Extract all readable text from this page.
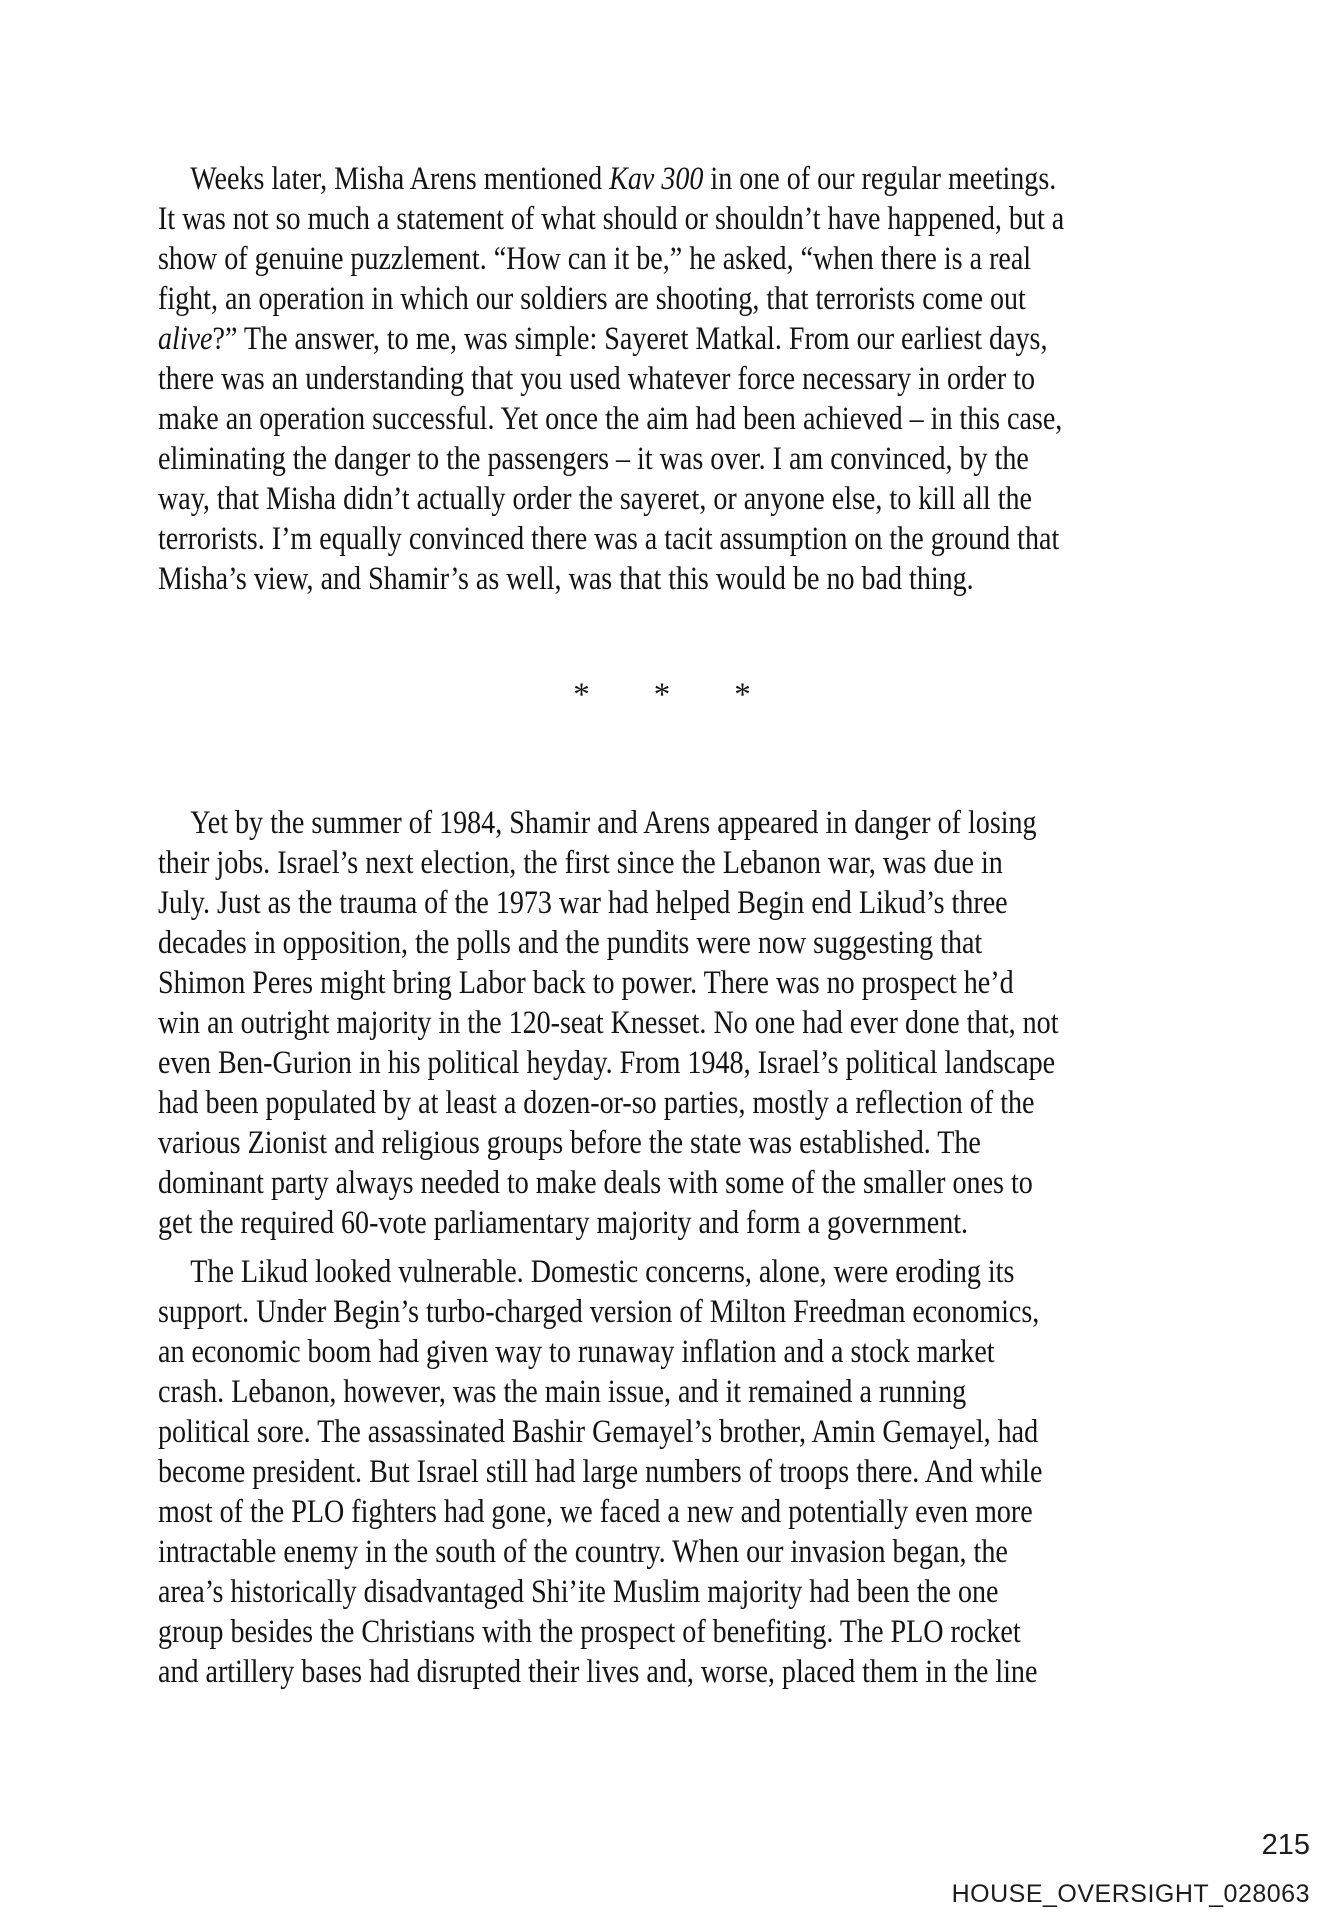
Weeks later, Misha Arens mentioned Kav 300 in one of our regular meetings.
It was not so much a statement of what should or shouldn’t have happened, but a
show of genuine puzzlement. “How can it be,” he asked, “when there is a real
fight, an operation in which our soldiers are shooting, that terrorists come out
alive?” The answer, to me, was simple: Sayeret Matkal. From our earliest days,
there was an understanding that you used whatever force necessary in order to
make an operation successful. Yet once the aim had been achieved – in this case,
eliminating the danger to the passengers – it was over. I am convinced, by the
way, that Misha didn’t actually order the sayeret, or anyone else, to kill all the
terrorists. I’m equally convinced there was a tacit assumption on the ground that
Misha’s view, and Shamir’s as well, was that this would be no bad thing.
* * *
Yet by the summer of 1984, Shamir and Arens appeared in danger of losing
their jobs. Israel’s next election, the first since the Lebanon war, was due in
July. Just as the trauma of the 1973 war had helped Begin end Likud’s three
decades in opposition, the polls and the pundits were now suggesting that
Shimon Peres might bring Labor back to power. There was no prospect he’d
win an outright majority in the 120-seat Knesset. No one had ever done that, not
even Ben-Gurion in his political heyday. From 1948, Israel’s political landscape
had been populated by at least a dozen-or-so parties, mostly a reflection of the
various Zionist and religious groups before the state was established. The
dominant party always needed to make deals with some of the smaller ones to
get the required 60-vote parliamentary majority and form a government.
The Likud looked vulnerable. Domestic concerns, alone, were eroding its
support. Under Begin’s turbo-charged version of Milton Freedman economics,
an economic boom had given way to runaway inflation and a stock market
crash. Lebanon, however, was the main issue, and it remained a running
political sore. The assassinated Bashir Gemayel’s brother, Amin Gemayel, had
become president. But Israel still had large numbers of troops there. And while
most of the PLO fighters had gone, we faced a new and potentially even more
intractable enemy in the south of the country. When our invasion began, the
area’s historically disadvantaged Shi’ite Muslim majority had been the one
group besides the Christians with the prospect of benefiting. The PLO rocket
and artillery bases had disrupted their lives and, worse, placed them in the line
215
HOUSE_OVERSIGHT_028063
